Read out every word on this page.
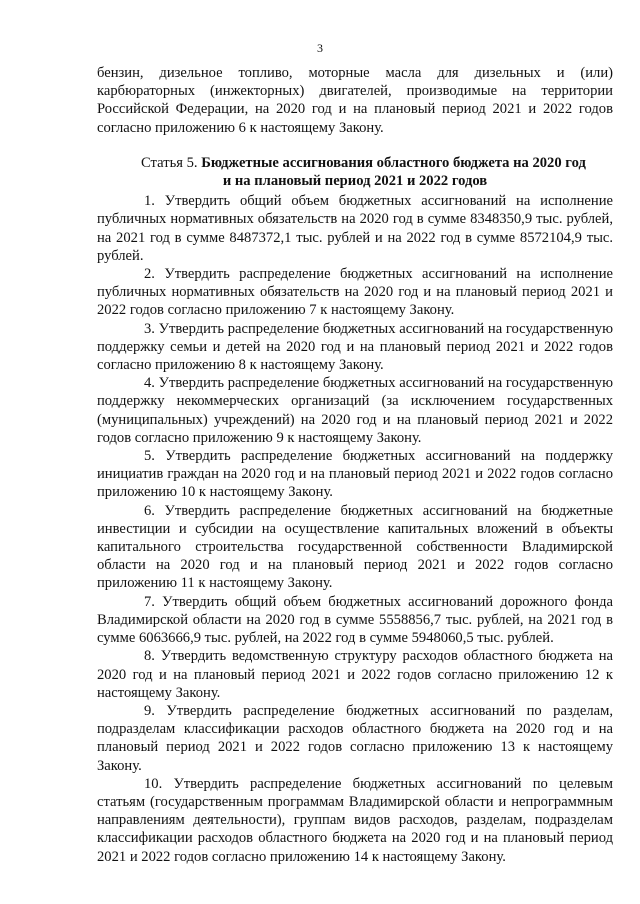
3

бензин, дизельное топливо, моторные масла для дизельных и (или) карбюраторных (инжекторных) двигателей, производимые на территории Российской Федерации, на 2020 год и на плановый период 2021 и 2022 годов согласно приложению 6 к настоящему Закону.

Статья 5. Бюджетные ассигнования областного бюджета на 2020 год
и на плановый период 2021 и 2022 годов

1. Утвердить общий объем бюджетных ассигнований на исполнение публичных нормативных обязательств на 2020 год в сумме 8348350,9 тыс. рублей, на 2021 год в сумме 8487372,1 тыс. рублей и на 2022 год в сумме 8572104,9 тыс. рублей.

2. Утвердить распределение бюджетных ассигнований на исполнение публичных нормативных обязательств на 2020 год и на плановый период 2021 и 2022 годов согласно приложению 7 к настоящему Закону.

3. Утвердить распределение бюджетных ассигнований на государственную поддержку семьи и детей на 2020 год и на плановый период 2021 и 2022 годов согласно приложению 8 к настоящему Закону.

4. Утвердить распределение бюджетных ассигнований на государственную поддержку некоммерческих организаций (за исключением государственных (муниципальных) учреждений) на 2020 год и на плановый период 2021 и 2022 годов согласно приложению 9 к настоящему Закону.

5. Утвердить распределение бюджетных ассигнований на поддержку инициатив граждан на 2020 год и на плановый период 2021 и 2022 годов согласно приложению 10 к настоящему Закону.

6. Утвердить распределение бюджетных ассигнований на бюджетные инвестиции и субсидии на осуществление капитальных вложений в объекты капитального строительства государственной собственности Владимирской области на 2020 год и на плановый период 2021 и 2022 годов согласно приложению 11 к настоящему Закону.

7. Утвердить общий объем бюджетных ассигнований дорожного фонда Владимирской области на 2020 год в сумме 5558856,7 тыс. рублей, на 2021 год в сумме 6063666,9 тыс. рублей, на 2022 год в сумме 5948060,5 тыс. рублей.

8. Утвердить ведомственную структуру расходов областного бюджета на 2020 год и на плановый период 2021 и 2022 годов согласно приложению 12 к настоящему Закону.

9. Утвердить распределение бюджетных ассигнований по разделам, подразделам классификации расходов областного бюджета на 2020 год и на плановый период 2021 и 2022 годов согласно приложению 13 к настоящему Закону.

10. Утвердить распределение бюджетных ассигнований по целевым статьям (государственным программам Владимирской области и непрограммным направлениям деятельности), группам видов расходов, разделам, подразделам классификации расходов областного бюджета на 2020 год и на плановый период 2021 и 2022 годов согласно приложению 14 к настоящему Закону.
